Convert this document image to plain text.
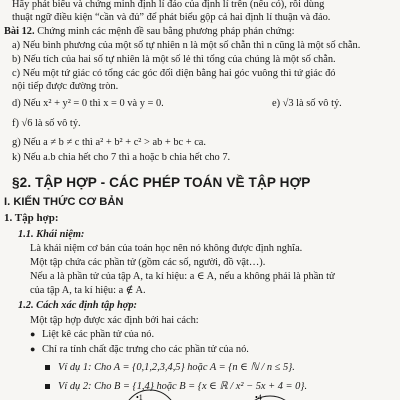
Hãy phát biểu và chứng minh định lí đảo của định lí trên (nếu có), rồi dùng
thuật ngữ điều kiện “cần và đủ” để phát biểu gộp cả hai định lí thuận và đảo.
Bài 12. Chứng minh các mệnh đề sau bằng phương pháp phản chứng:
a) Nếu bình phương của một số tự nhiên n là một số chẵn thì n cũng là một số chẵn.
b) Nếu tích của hai số tự nhiên là một số lẻ thì tổng của chúng là một số chẵn.
c) Nếu một tứ giác có tổng các góc đối diện bằng hai góc vuông thì tứ giác đó
nội tiếp được đường tròn.
d) Nếu x² + y² = 0 thì x = 0 và y = 0.	e) √3 là số vô tỷ.
f) √6 là số vô tỷ.
g) Nếu a ≠ b ≠ c thì a² + b² + c² > ab + bc + ca.
k) Nếu a.b chia hết cho 7 thì a hoặc b chia hết cho 7.
§2. TẬP HỢP - CÁC PHÉP TOÁN VỀ TẬP HỢP
I. KIẾN THỨC CƠ BẢN
1. Tập hợp:
1.1. Khái niệm:
Là khái niệm cơ bản của toán học nên nó không được định nghĩa.
Một tập chứa các phần tử (gồm các số, người, đồ vật…).
Nếu a là phần tử của tập A, ta kí hiệu: a ∈ A, nếu a không phải là phần tử
của tập A, ta kí hiệu: a ∉ A.
1.2. Cách xác định tập hợp:
Một tập hợp được xác định bởi hai cách:
● Liệt kê các phần tử của nó.
● Chỉ ra tính chất đặc trưng cho các phần tử của nó.
Ví dụ 1: Cho A = {0,1,2,3,4,5} hoặc A = {n ∈ ℕ / n ≤ 5}.
Ví dụ 2: Cho B = {1,4} hoặc B = {x ∈ ℝ / x² − 5x + 4 = 0}.
•1	•4
